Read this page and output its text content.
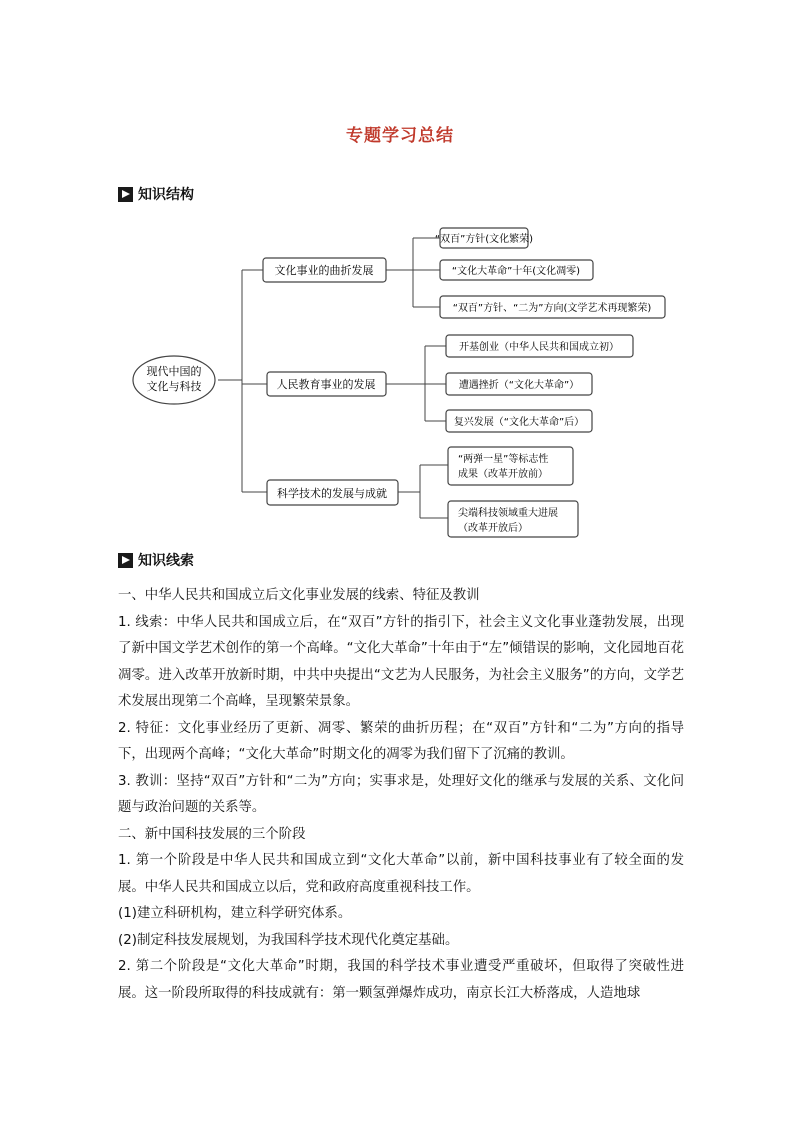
专题学习总结
知识结构
现代中国的
文化与科技
文化事业的曲折发展
人民教育事业的发展
科学技术的发展与成就
“双百”方针(文化繁荣)
“文化大革命”十年(文化凋零)
“双百”方针、“二为”方向(文学艺术再现繁荣)
开基创业（中华人民共和国成立初）
遭遇挫折（“文化大革命”）
复兴发展（“文化大革命”后）
“两弹一星”等标志性
成果（改革开放前）
尖端科技领域重大进展
（改革开放后）
知识线索

一、中华人民共和国成立后文化事业发展的线索、特征及教训

1. 线索：中华人民共和国成立后，在“双百”方针的指引下，社会主义文化事业蓬勃发展，出现了新中国文学艺术创作的第一个高峰。“文化大革命”十年由于“左”倾错误的影响，文化园地百花凋零。进入改革开放新时期，中共中央提出“文艺为人民服务，为社会主义服务”的方向，文学艺术发展出现第二个高峰，呈现繁荣景象。

2. 特征：文化事业经历了更新、凋零、繁荣的曲折历程；在“双百”方针和“二为”方向的指导下，出现两个高峰；“文化大革命”时期文化的凋零为我们留下了沉痛的教训。

3. 教训：坚持“双百”方针和“二为”方向；实事求是，处理好文化的继承与发展的关系、文化问题与政治问题的关系等。

二、新中国科技发展的三个阶段

1. 第一个阶段是中华人民共和国成立到“文化大革命”以前，新中国科技事业有了较全面的发展。中华人民共和国成立以后，党和政府高度重视科技工作。

(1)建立科研机构，建立科学研究体系。

(2)制定科技发展规划，为我国科学技术现代化奠定基础。

2. 第二个阶段是“文化大革命”时期，我国的科学技术事业遭受严重破坏，但取得了突破性进展。这一阶段所取得的科技成就有：第一颗氢弹爆炸成功，南京长江大桥落成，人造地球
